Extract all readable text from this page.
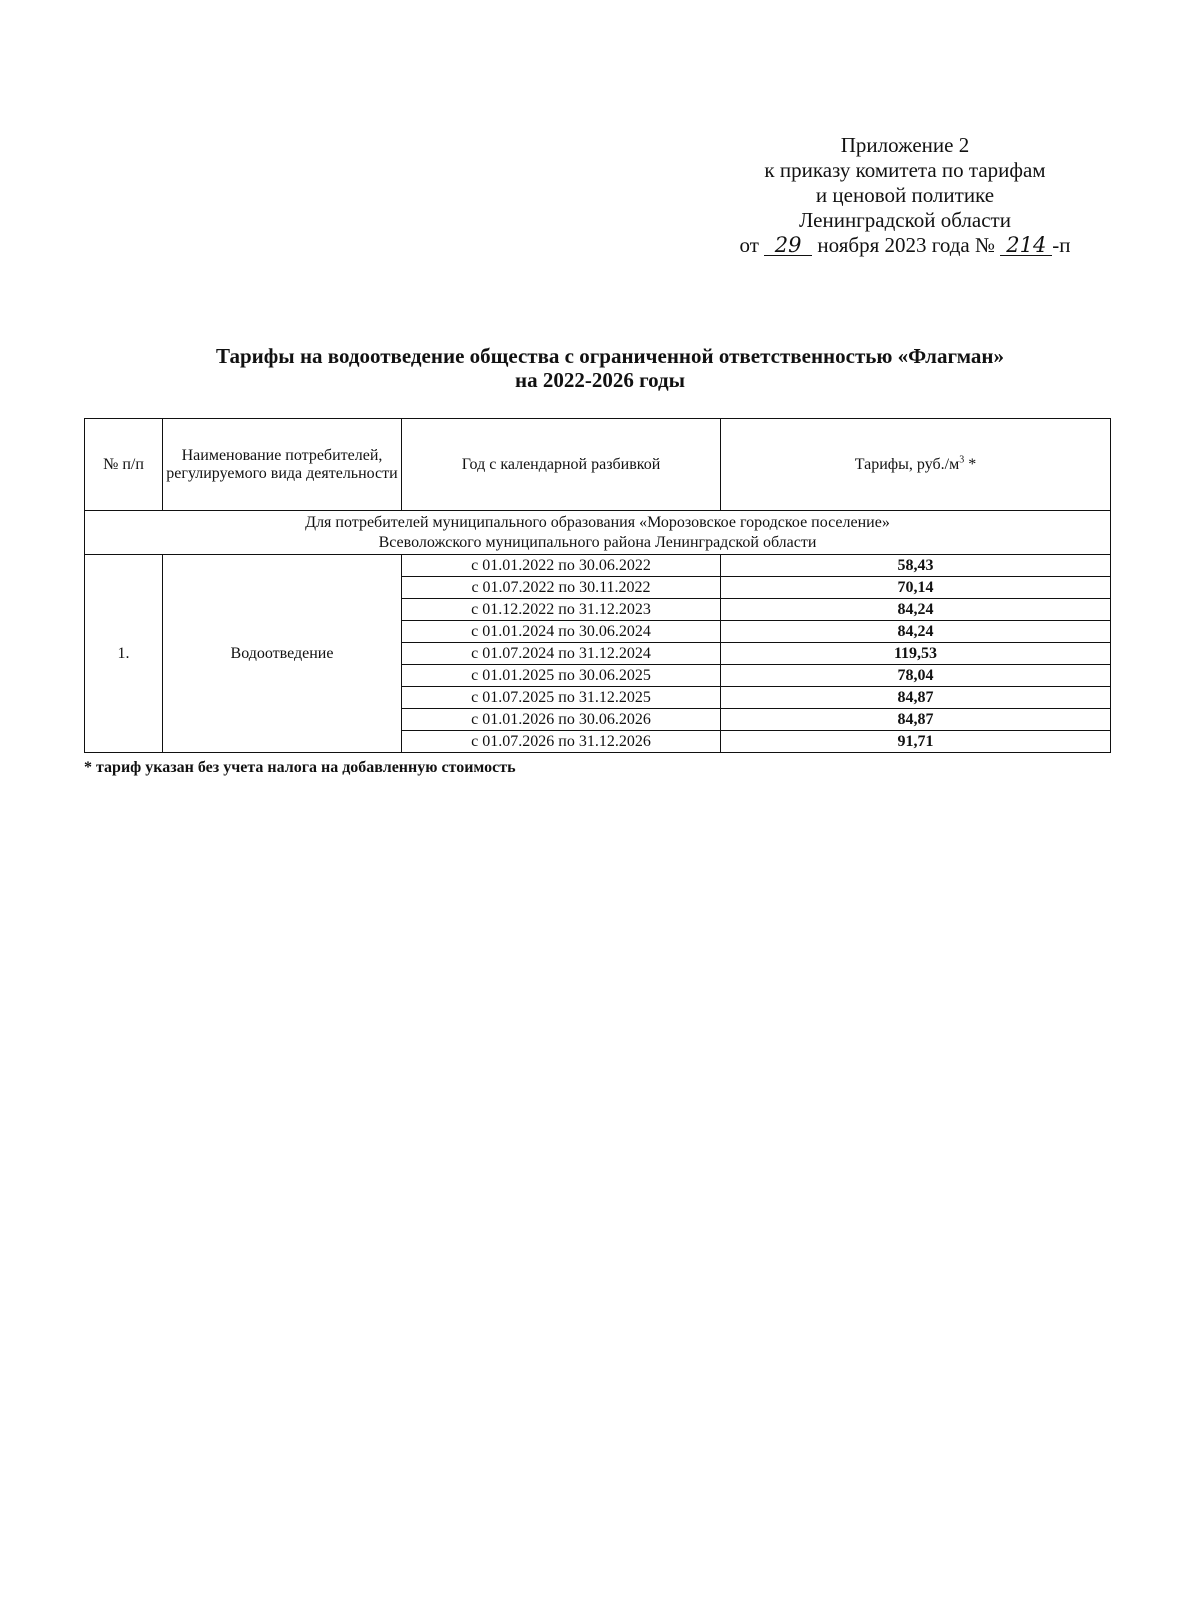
Приложение 2
к приказу комитета по тарифам
и ценовой политике
Ленинградской области
от 29 ноября 2023 года № 214 -п
Тарифы на водоотведение общества с ограниченной ответственностью «Флагман»
на 2022-2026 годы
№ п/п	Наименование потребителей, регулируемого вида деятельности	Год с календарной разбивкой	Тарифы, $руб./м^3$ *

Для потребителей муниципального образования «Морозовское городское поселение»
Всеволожского муниципального района Ленинградской области			

1.	Водоотведение	с 01.01.2022 по 30.06.2022	58,43
		с 01.07.2022 по 30.11.2022	70,14
		с 01.12.2022 по 31.12.2023	84,24
		с 01.01.2024 по 30.06.2024	84,24
		с 01.07.2024 по 31.12.2024	119,53
		с 01.01.2025 по 30.06.2025	78,04
		с 01.07.2025 по 31.12.2025	84,87
		с 01.01.2026 по 30.06.2026	84,87
		с 01.07.2026 по 31.12.2026	91,71
* тариф указан без учета налога на добавленную стоимость
